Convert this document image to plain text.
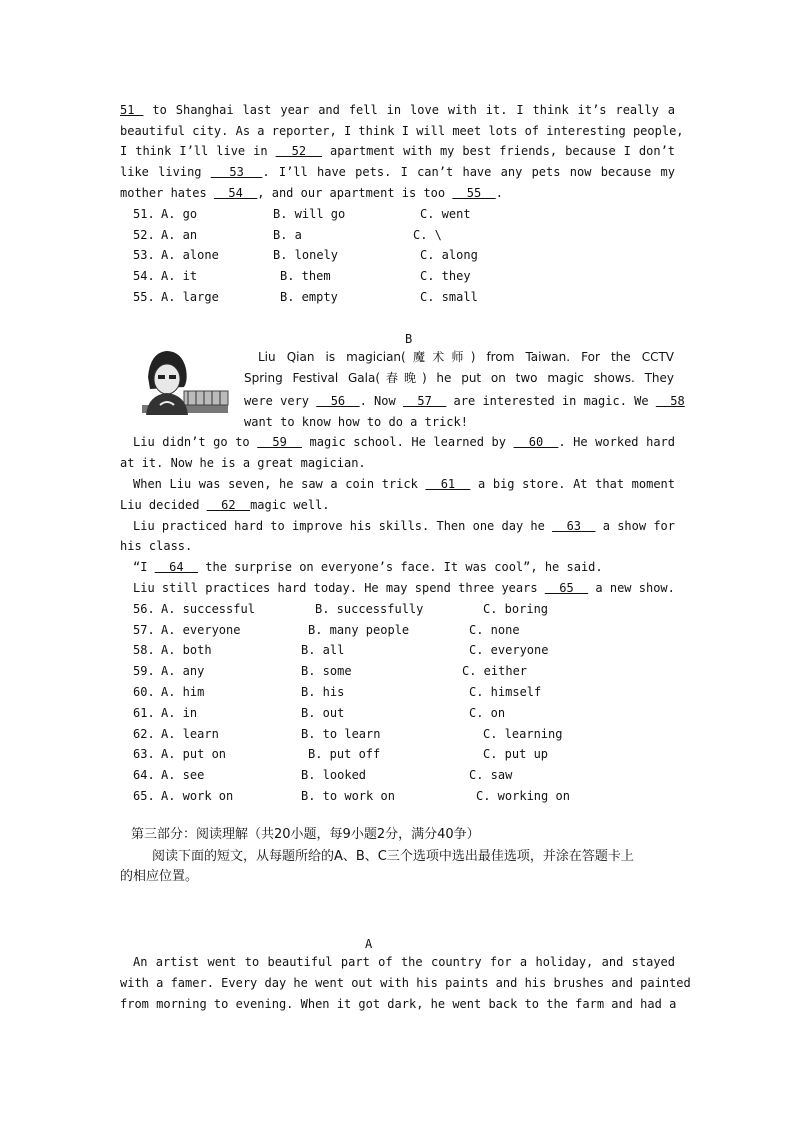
51  to Shanghai last year and fell in love with it. I think it’s really a
beautiful city. As a reporter, I think I will meet lots of interesting people,
I think I’ll live in   52   apartment with my best friends, because I don’t
like living   53  . I’ll have pets. I can’t have any pets now because my
mother hates   54  , and our apartment is too   55  .
51. A. go	B. will go	C. went
52. A. an	B. a	C. \
53. A. alone	B. lonely	C. along
54. A. it	B. them	C. they
55. A. large	B. empty	C. small
B
Liu Qian is magician(魔术师) from Taiwan. For the CCTV
Spring Festival Gala(春晚) he put on two magic shows. They
were very   56  . Now   57   are interested in magic. We   58
want to know how to do a trick!
Liu didn’t go to   59   magic school. He learned by   60  . He worked hard
at it. Now he is a great magician.
When Liu was seven, he saw a coin trick   61   a big store. At that moment
Liu decided   62  magic well.
Liu practiced hard to improve his skills. Then one day he   63   a show for
his class.
“I   64   the surprise on everyone’s face. It was cool”, he said.
Liu still practices hard today. He may spend three years   65   a new show.
56. A. successful	B. successfully	C. boring
57. A. everyone	B. many people	C. none
58. A. both	B. all	C. everyone
59. A. any	B. some	C. either
60. A. him	B. his	C. himself
61. A. in	B. out	C. on
62. A. learn	B. to learn	C. learning
63. A. put on	B. put off	C. put up
64. A. see	B. looked	C. saw
65. A. work on	B. to work on	C. working on
第三部分：阅读理解（共20小题，每9小题2分，满分40争）
阅读下面的短文，从每题所给的A、B、C三个选项中选出最佳选项，并涂在答题卡上
的相应位置。
A
An artist went to beautiful part of the country for a holiday, and stayed
with a famer. Every day he went out with his paints and his brushes and painted
from morning to evening. When it got dark, he went back to the farm and had a
